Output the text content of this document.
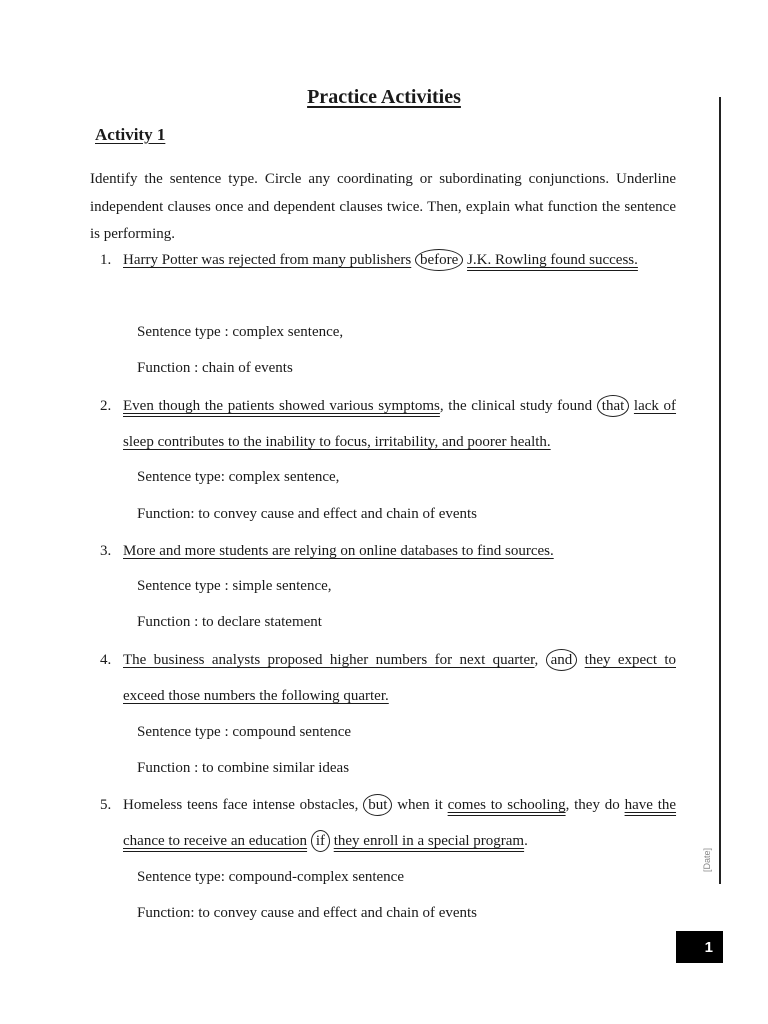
Practice Activities
Activity 1
Identify the sentence type. Circle any coordinating or subordinating conjunctions. Underline independent clauses once and dependent clauses twice. Then, explain what function the sentence is performing.
1. Harry Potter was rejected from many publishers before J.K. Rowling found success.
Sentence type : complex sentence,
Function : chain of events
2. Even though the patients showed various symptoms, the clinical study found that lack of sleep contributes to the inability to focus, irritability, and poorer health.
Sentence type: complex sentence,
Function: to convey cause and effect and chain of events
3. More and more students are relying on online databases to find sources.
Sentence type : simple sentence,
Function : to declare statement
4. The business analysts proposed higher numbers for next quarter, and they expect to exceed those numbers the following quarter.
Sentence type : compound sentence
Function : to combine similar ideas
5. Homeless teens face intense obstacles, but when it comes to schooling, they do have the chance to receive an education if they enroll in a special program.
Sentence type: compound-complex sentence
Function: to convey cause and effect and chain of events
[Date]
1
